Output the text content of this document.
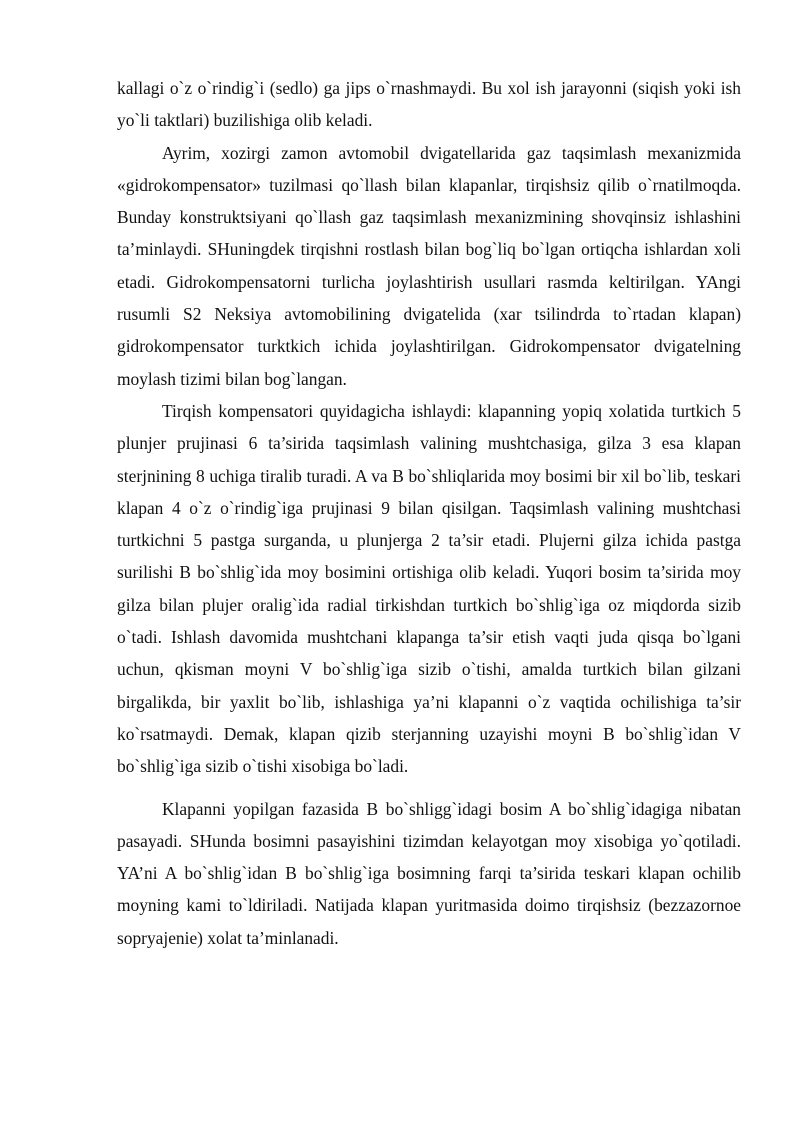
kallagi o`z o`rindig`i (sedlo) ga jips o`rnashmaydi. Bu xol ish jarayonni (siqish yoki ish yo`li taktlari) buzilishiga olib keladi.

Ayrim, xozirgi zamon avtomobil dvigatellarida gaz taqsimlash mexanizmida «gidrokompensator» tuzilmasi qo`llash bilan klapanlar, tirqishsiz qilib o`rnatilmoqda. Bunday konstruktsiyani qo`llash gaz taqsimlash mexanizmining shovqinsiz ishlashini ta’minlaydi. SHuningdek tirqishni rostlash bilan bog`liq bo`lgan ortiqcha ishlardan xoli etadi. Gidrokompensatorni turlicha joylashtirish usullari rasmda keltirilgan. YAngi rusumli S2 Neksiya avtomobilining dvigatelida (xar tsilindrda to`rtadan klapan) gidrokompensator turktkich ichida joylashtirilgan. Gidrokompensator dvigatelning moylash tizimi bilan bog`langan.

Tirqish kompensatori quyidagicha ishlaydi: klapanning yopiq xolatida turtkich 5 plunjer prujinasi 6 ta’sirida taqsimlash valining mushtchasiga, gilza 3 esa klapan sterjnining 8 uchiga tiralib turadi. A va B bo`shliqlarida moy bosimi bir xil bo`lib, teskari klapan 4 o`z o`rindig`iga prujinasi 9 bilan qisilgan. Taqsimlash valining mushtchasi turtkichni 5 pastga surganda, u plunjerga 2 ta’sir etadi. Plujerni gilza ichida pastga surilishi B bo`shlig`ida moy bosimini ortishiga olib keladi. Yuqori bosim ta’sirida moy gilza bilan plujer oralig`ida radial tirkishdan turtkich bo`shlig`iga oz miqdorda sizib o`tadi. Ishlash davomida mushtchani klapanga ta’sir etish vaqti juda qisqa bo`lgani uchun, qkisman moyni V bo`shlig`iga sizib o`tishi, amalda turtkich bilan gilzani birgalikda, bir yaxlit bo`lib, ishlashiga ya’ni klapanni o`z vaqtida ochilishiga ta’sir ko`rsatmaydi. Demak, klapan qizib sterjanning uzayishi moyni B bo`shlig`idan V bo`shlig`iga sizib o`tishi xisobiga bo`ladi.

Klapanni yopilgan fazasida B bo`shligg`idagi bosim A bo`shlig`idagiga nibatan pasayadi. SHunda bosimni pasayishini tizimdan kelayotgan moy xisobiga yo`qotiladi. YA’ni A bo`shlig`idan B bo`shlig`iga bosimning farqi ta’sirida teskari klapan ochilib moyning kami to`ldiriladi. Natijada klapan yuritmasida doimo tirqishsiz (bezzazornoe sopryajenie) xolat ta’minlanadi.
